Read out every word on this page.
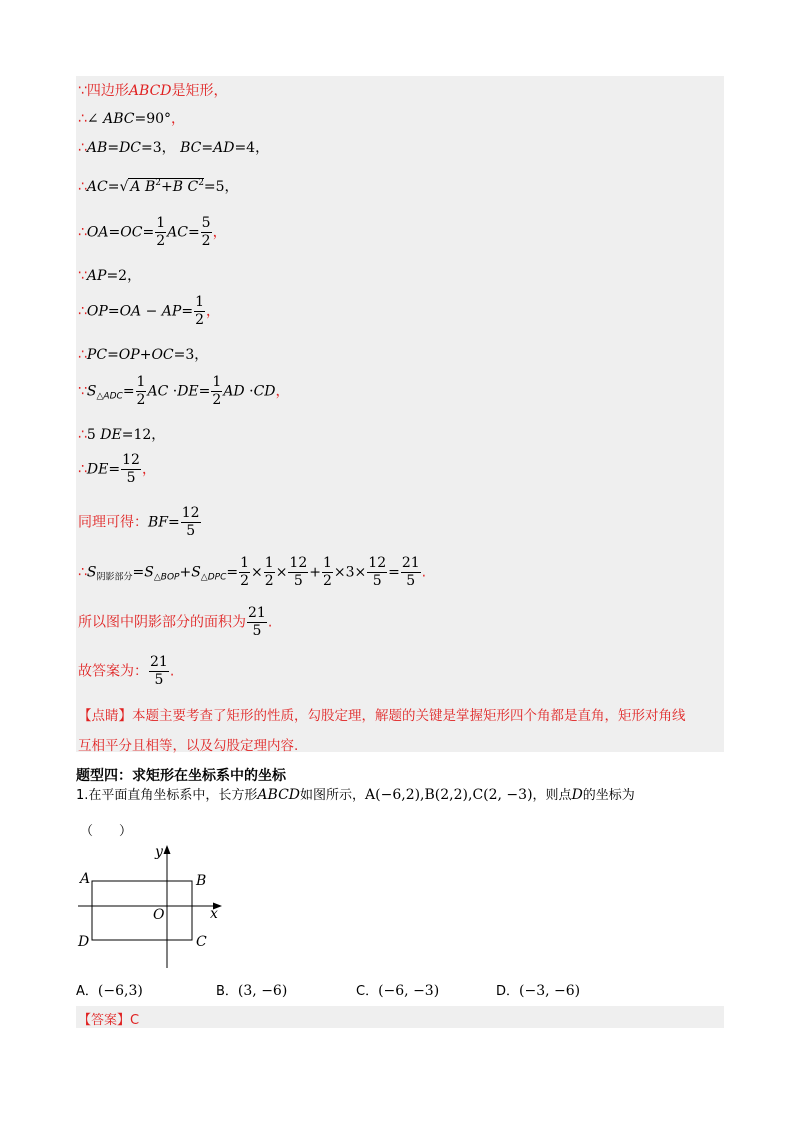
∵四边形ABCD是矩形，
∴∠ ABC=90°，
∴AB=DC=3， BC=AD=4，
∴AC=√ A $B^2+B$ $C^2=5$，
∴OA=OC= $\frac{1}{2} AC= \frac{5}{2}$ ，
∵AP=2，
∴OP=OA − $AP= \frac{1}{2}$ ，
∴PC=OP+OC=3，
$\because S_{\triangle ADC}= \frac{1}{2}$ AC $\cdot DE= \frac{1}{2}$ AD ·CD，
∴5 DE=12，
∴DE= $\frac{12}{5}$ ，
同理可得：$BF= \frac{12}{5}$
$\therefore S_{阴影部分}=S_{\triangle BOP}+S_{\triangle DPC}= \frac{1}{2} \times \frac{1}{2} \times \frac{12}{5} + \frac{1}{2} \times 3\times \frac{12}{5} = \frac{21}{5}$ .
所以图中阴影部分的面积为 $\frac{21}{5}$ .
故答案为： $\frac{21}{5}$ .
【点睛】本题主要考查了矩形的性质，勾股定理，解题的关键是掌握矩形四个角都是直角，矩形对角线
互相平分且相等，以及勾股定理内容.
题型四：求矩形在坐标系中的坐标
1.在平面直角坐标系中，长方形ABCD如图所示，A(−6,2),B(2,2),C(2, −3)，则点D的坐标为
（　　）
A	B
C
D
O	x
y
A．(−6,3)	B．(3, −6)	C．(−6, −3)	D．(−3, −6)
【答案】C
